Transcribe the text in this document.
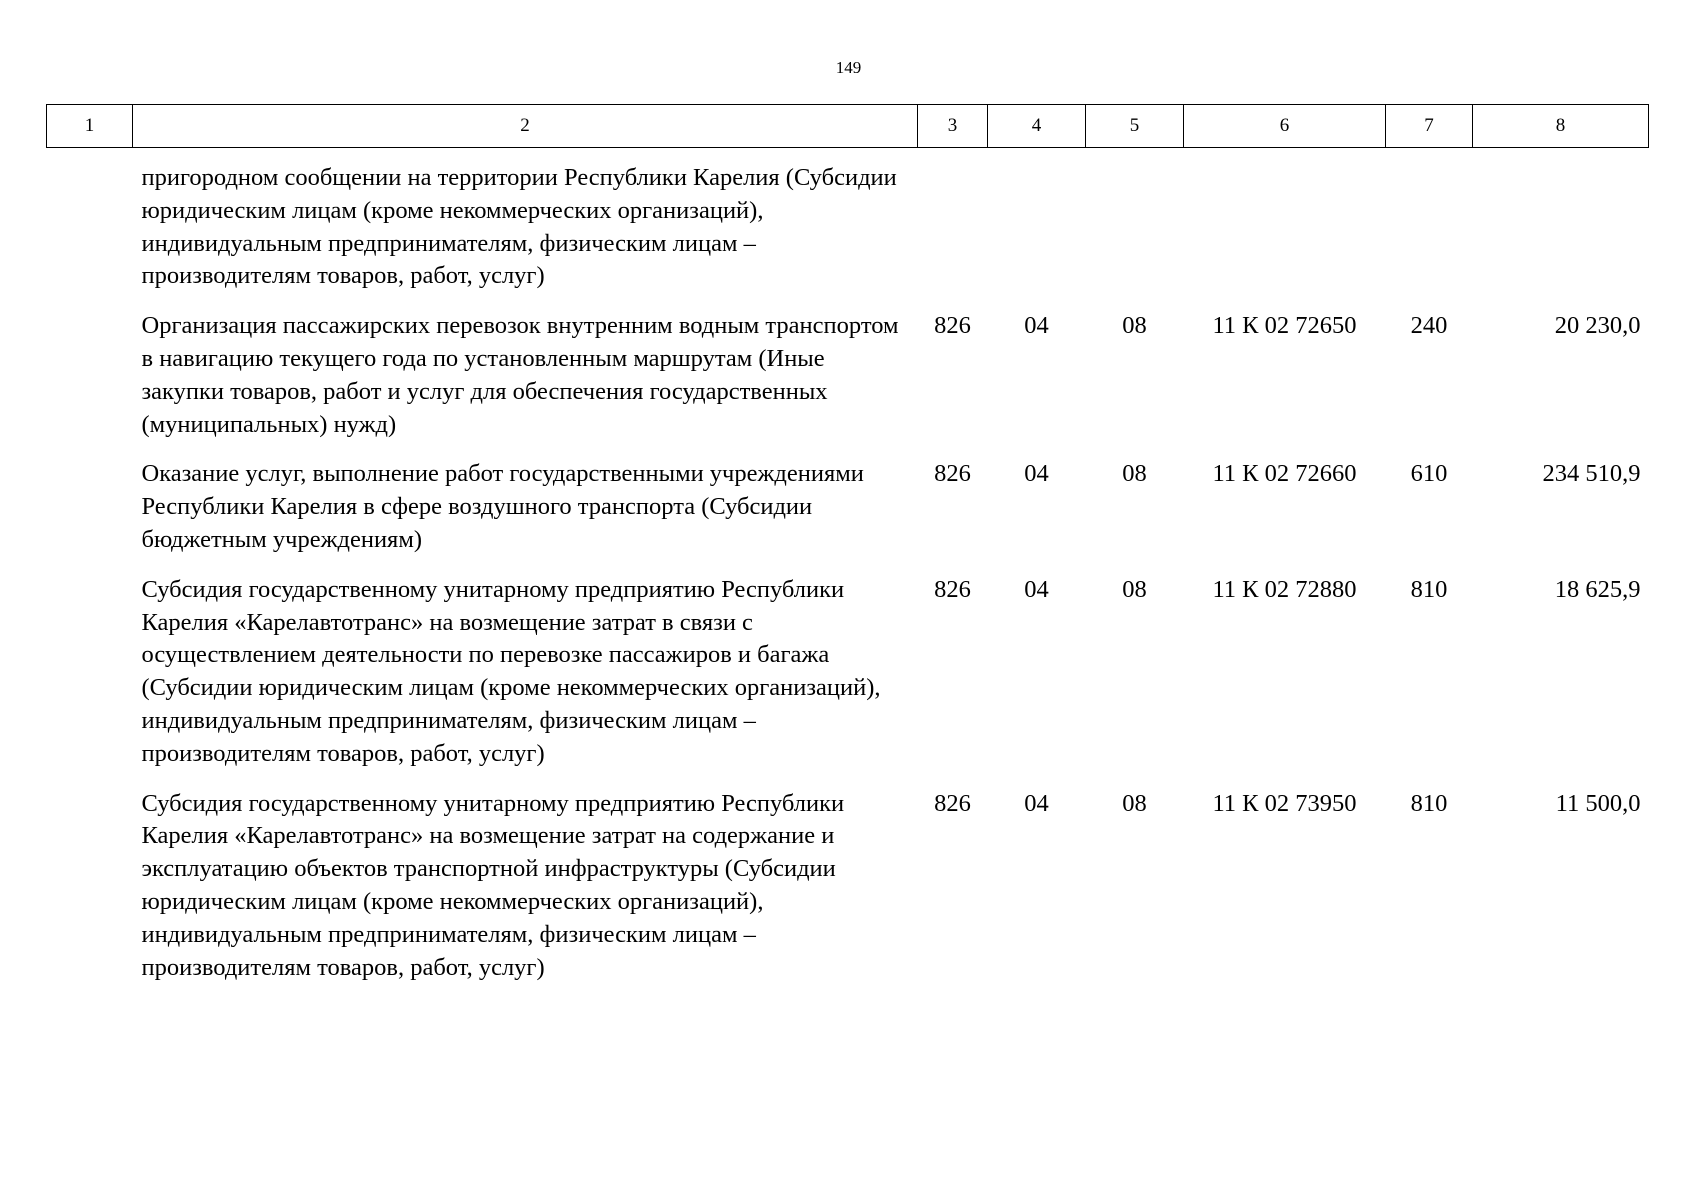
149
1	2	3	4	5	6	7	8
пригородном сообщении на территории Республики Карелия (Субсидии юридическим лицам (кроме некоммерческих организаций), индивидуальным предпринимателям, физическим лицам – производителям товаров, работ, услуг)							
Организация пассажирских перевозок внутренним водным транспортом в навигацию текущего года по установленным маршрутам (Иные закупки товаров, работ и услуг для обеспечения государственных (муниципальных) нужд)		826	04	08	11 К 02 72650	240	20 230,0
Оказание услуг, выполнение работ государственными учреждениями Республики Карелия в сфере воздушного транспорта (Субсидии бюджетным учреждениям)		826	04	08	11 К 02 72660	610	234 510,9
Субсидия государственному унитарному предприятию Республики Карелия «Карелавтотранс» на возмещение затрат в связи с осуществлением деятельности по перевозке пассажиров и багажа (Субсидии юридическим лицам (кроме некоммерческих организаций), индивидуальным предпринимателям, физическим лицам – производителям товаров, работ, услуг)		826	04	08	11 К 02 72880	810	18 625,9
Субсидия государственному унитарному предприятию Республики Карелия «Карелавтотранс» на возмещение затрат на содержание и эксплуатацию объектов транспортной инфраструктуры (Субсидии юридическим лицам (кроме некоммерческих организаций), индивидуальным предпринимателям, физическим лицам – производителям товаров, работ, услуг)		826	04	08	11 К 02 73950	810	11 500,0
